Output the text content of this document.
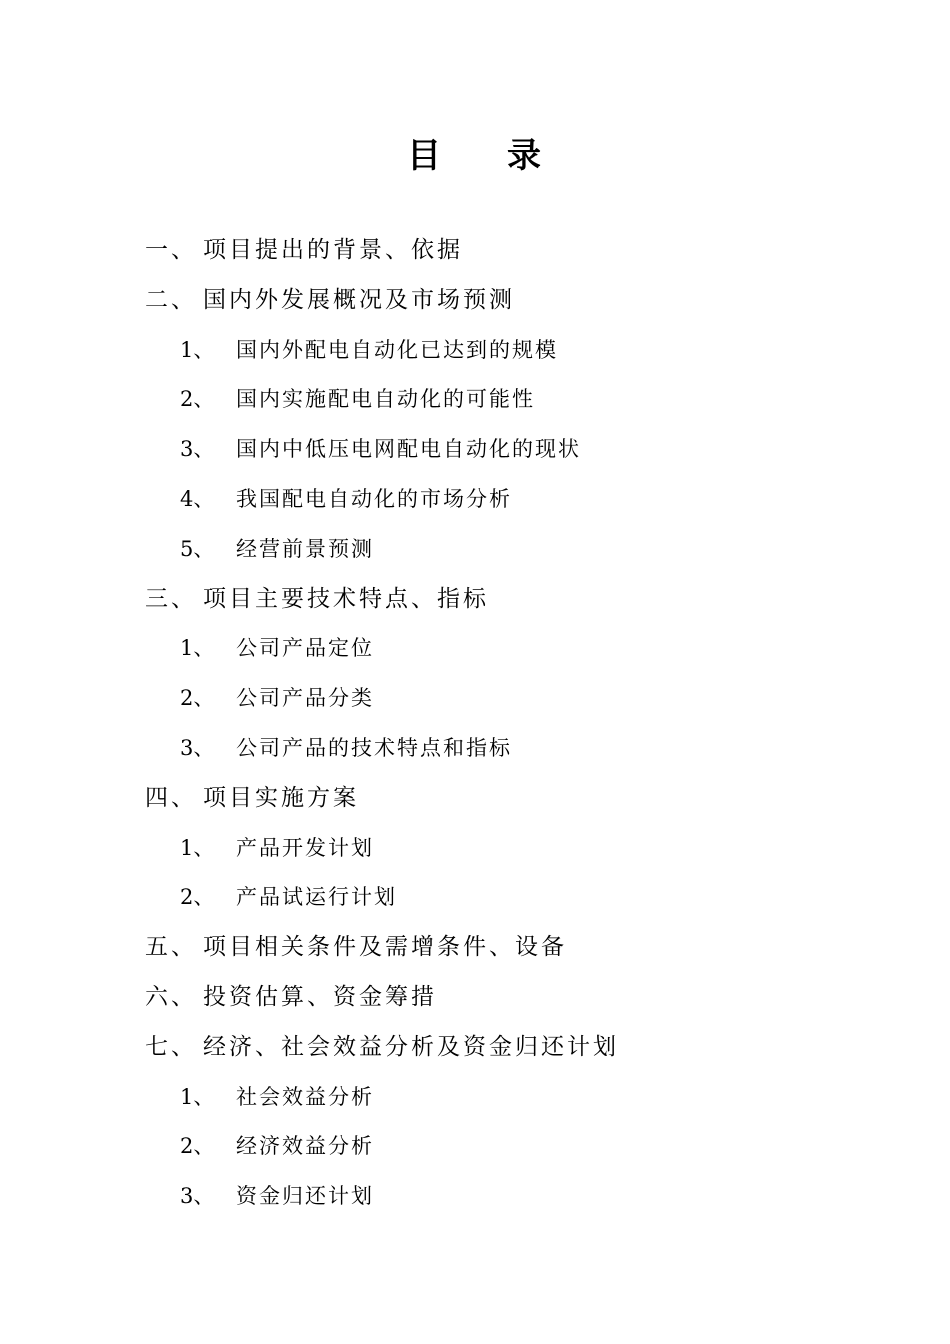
目 录
一、 项目提出的背景、依据
二、 国内外发展概况及市场预测
1、 国内外配电自动化已达到的规模
2、 国内实施配电自动化的可能性
3、 国内中低压电网配电自动化的现状
4、 我国配电自动化的市场分析
5、 经营前景预测
三、 项目主要技术特点、指标
1、 公司产品定位
2、 公司产品分类
3、 公司产品的技术特点和指标
四、 项目实施方案
1、 产品开发计划
2、 产品试运行计划
五、 项目相关条件及需增条件、设备
六、 投资估算、资金筹措
七、 经济、社会效益分析及资金归还计划
1、 社会效益分析
2、 经济效益分析
3、 资金归还计划
